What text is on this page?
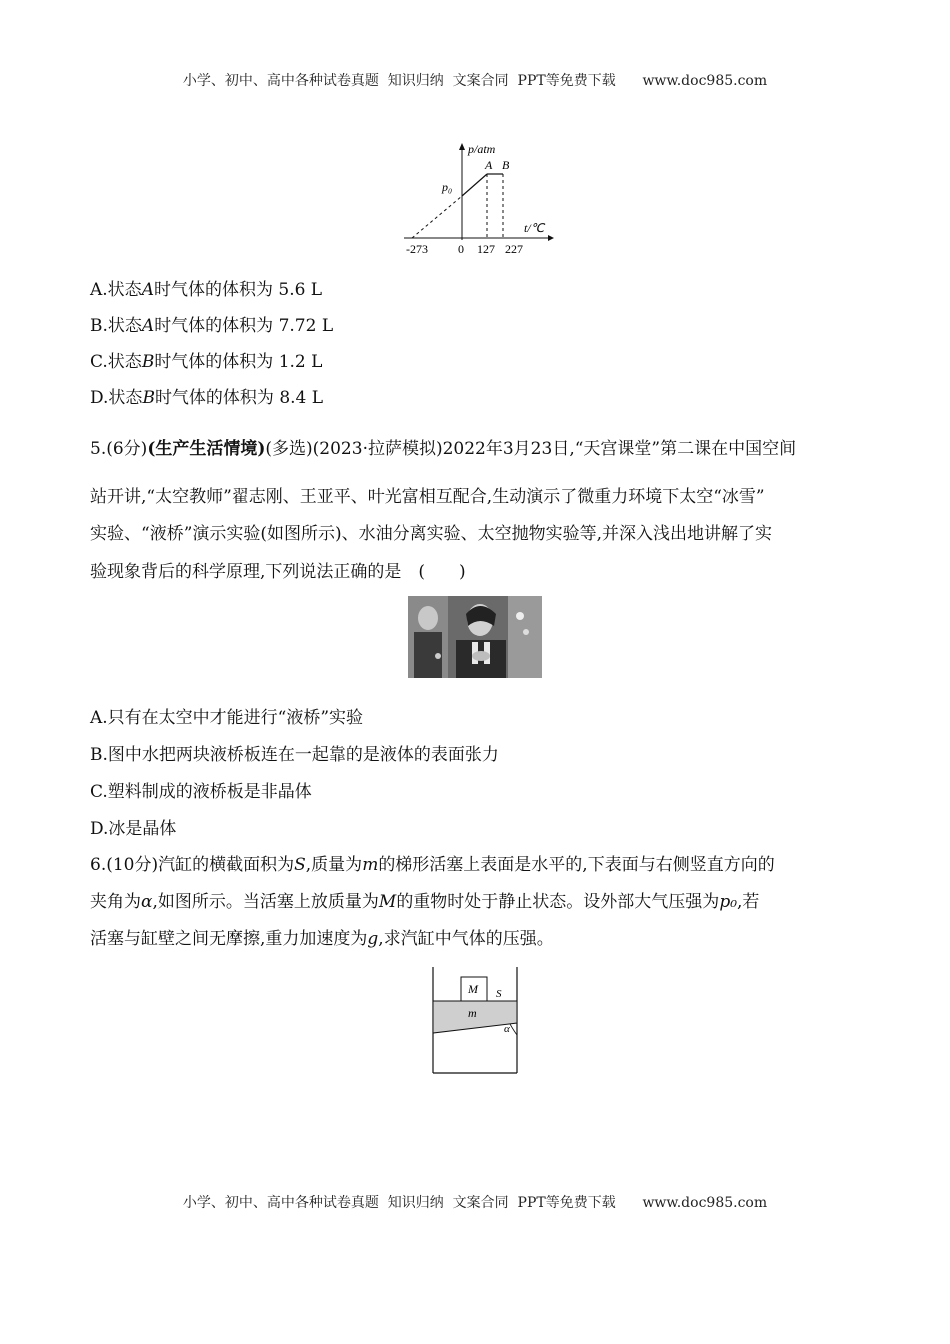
小学、初中、高中各种试卷真题  知识归纳  文案合同  PPT等免费下载      www.doc985.com
p/atm
t/℃
p₀
A B
-273	0 127 227
A.状态A时气体的体积为 5.6 L
B.状态A时气体的体积为 7.72 L
C.状态B时气体的体积为 1.2 L
D.状态B时气体的体积为 8.4 L
5.(6分)(生产生活情境)(多选)(2023·拉萨模拟)2022年3月23日,“天宫课堂”第二课在中国空间
站开讲,“太空教师”翟志刚、王亚平、叶光富相互配合,生动演示了微重力环境下太空“冰雪”
实验、“液桥”演示实验(如图所示)、水油分离实验、太空抛物实验等,并深入浅出地讲解了实
验现象背后的科学原理,下列说法正确的是　(　　)
A.只有在太空中才能进行“液桥”实验
B.图中水把两块液桥板连在一起靠的是液体的表面张力
C.塑料制成的液桥板是非晶体
D.冰是晶体
6.(10分)汽缸的横截面积为S,质量为m的梯形活塞上表面是水平的,下表面与右侧竖直方向的
夹角为α,如图所示。当活塞上放质量为M的重物时处于静止状态。设外部大气压强为p₀,若
活塞与缸壁之间无摩擦,重力加速度为g,求汽缸中气体的压强。
M S
m
α
小学、初中、高中各种试卷真题  知识归纳  文案合同  PPT等免费下载      www.doc985.com
